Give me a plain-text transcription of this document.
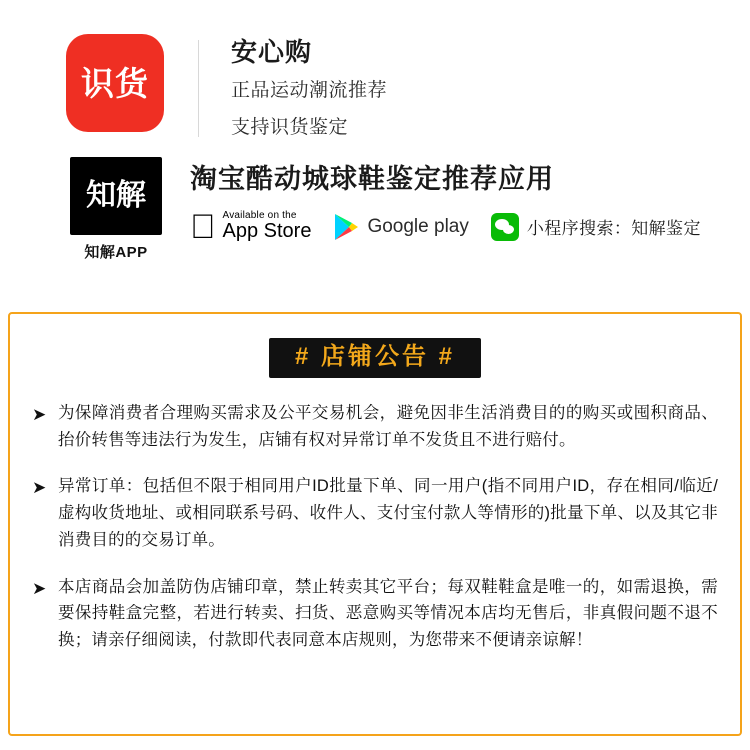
识货
安心购
正品运动潮流推荐
支持识货鉴定
知解
知解APP
淘宝酷动城球鞋鉴定推荐应用
Available on the
App Store	Google play	小程序搜索：知解鉴定
# 店铺公告 #
➤ 为保障消费者合理购买需求及公平交易机会，避免因非生活消费目的的购买或囤积商品、抬价转售等违法行为发生，店铺有权对异常订单不发货且不进行赔付。
➤ 异常订单：包括但不限于相同用户ID批量下单、同一用户(指不同用户ID，存在相同/临近/虚构收货地址、或相同联系号码、收件人、支付宝付款人等情形的)批量下单、以及其它非消费目的的交易订单。
➤ 本店商品会加盖防伪店铺印章，禁止转卖其它平台；每双鞋鞋盒是唯一的，如需退换，需要保持鞋盒完整，若进行转卖、扫货、恶意购买等情况本店均无售后，非真假问题不退不换；请亲仔细阅读，付款即代表同意本店规则，为您带来不便请亲谅解！
